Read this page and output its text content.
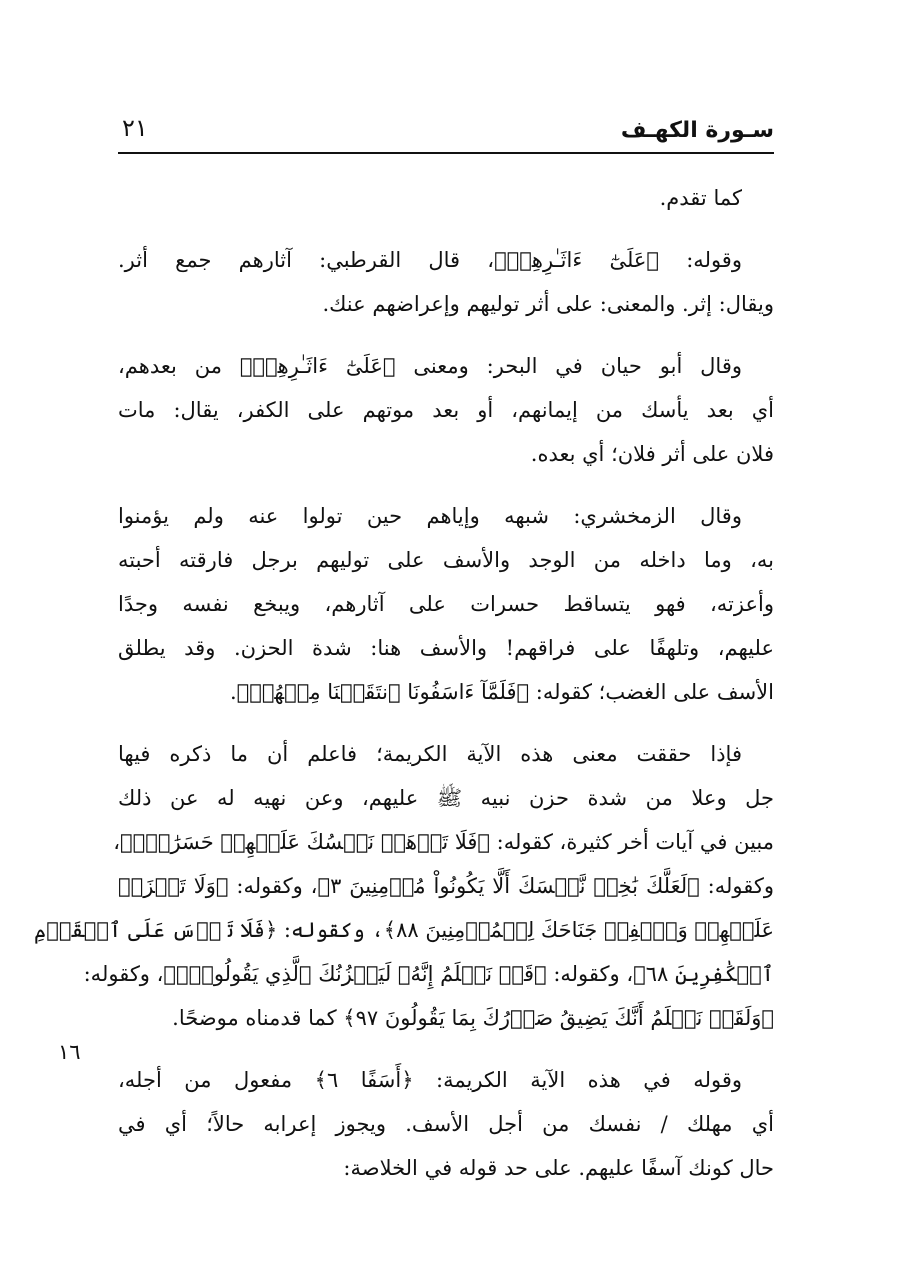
سـورة الكهـف
٢١
١٦

كما تقدم.

وقوله: ﴿عَلَىٰٓ ءَاثَـٰرِهِمۡ﴾، قال القرطبي: آثارهم جمع أثر.
ويقال: إثر. والمعنى: على أثر توليهم وإعراضهم عنك.

وقال أبو حيان في البحر: ومعنى ﴿عَلَىٰٓ ءَاثَـٰرِهِمۡ﴾ من بعدهم،
أي بعد يأسك من إيمانهم، أو بعد موتهم على الكفر، يقال: مات
فلان على أثر فلان؛ أي بعده.

وقال الزمخشري: شبهه وإياهم حين تولوا عنه ولم يؤمنوا
به، وما داخله من الوجد والأسف على توليهم برجل فارقته أحبته
وأعزته، فهو يتساقط حسرات على آثارهم، ويبخع نفسه وجدًا
عليهم، وتلهفًا على فراقهم! والأسف هنا: شدة الحزن. وقد يطلق
الأسف على الغضب؛ كقوله: ﴿فَلَمَّآ ءَاسَفُونَا ٱنتَقَمۡنَا مِنۡهُمۡ﴾.

فإذا حققت معنى هذه الآية الكريمة؛ فاعلم أن ما ذكره فيها
جل وعلا من شدة حزن نبيه ﷺ عليهم، وعن نهيه له عن ذلك
مبين في آيات أخر كثيرة، كقوله: ﴿فَلَا تَذۡهَبۡ نَفۡسُكَ عَلَيۡهِمۡ حَسَرَٰتٍۚ﴾،
وكقوله: ﴿لَعَلَّكَ بَٰخِعٞ نَّفۡسَكَ أَلَّا يَكُونُواْ مُؤۡمِنِينَ ٣﴾، وكقوله: ﴿وَلَا تَحۡزَنۡ
عَلَيۡهِمۡ وَٱخۡفِضۡ جَنَاحَكَ لِلۡمُؤۡمِنِينَ ٨٨﴾، وكقوله: ﴿فَلَا تَأۡسَ عَلَى ٱلۡقَوۡمِ
ٱلۡكَٰفِرِينَ ٦٨﴾، وكقوله: ﴿قَدۡ نَعۡلَمُ إِنَّهُۥ لَيَحۡزُنُكَ ٱلَّذِي يَقُولُونَۖ﴾، وكقوله:
﴿وَلَقَدۡ نَعۡلَمُ أَنَّكَ يَضِيقُ صَدۡرُكَ بِمَا يَقُولُونَ ٩٧﴾ كما قدمناه موضحًا.

وقوله في هذه الآية الكريمة: ﴿أَسَفًا ٦﴾ مفعول من أجله،
أي مهلك / نفسك من أجل الأسف. ويجوز إعرابه حالاً؛ أي في
حال كونك آسفًا عليهم. على حد قوله في الخلاصة:
